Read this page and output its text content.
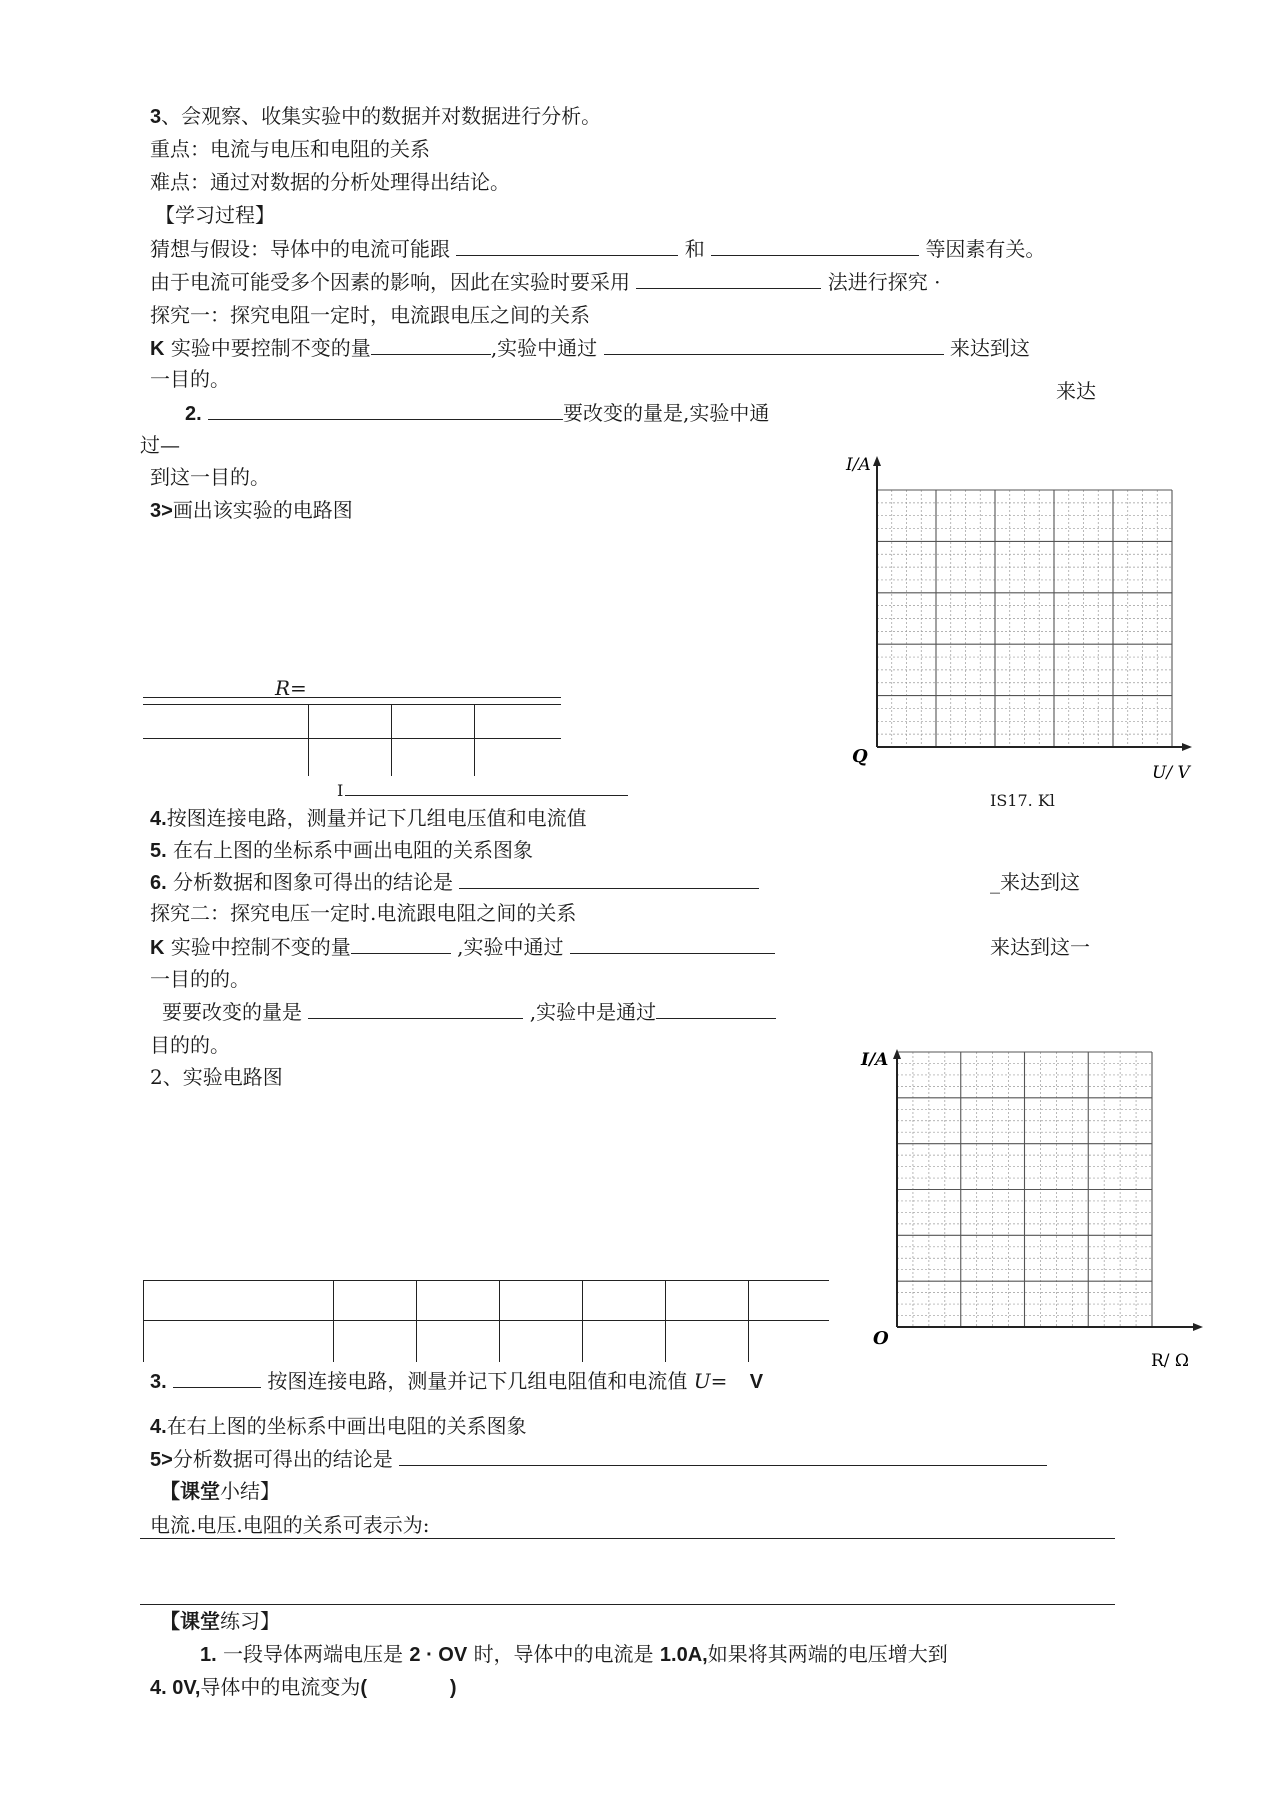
3、会观察、收集实验中的数据并对数据进行分析。
重点：电流与电压和电阻的关系
难点：通过对数据的分析处理得出结论。
【学习过程】
猜想与假设：导体中的电流可能跟	和	等因素有关。
由于电流可能受多个因素的影响，因此在实验时要采用	法进行探究 ·
探究一：探究电阻一定时，电流跟电压之间的关系
K 实验中要控制不变的量	,实验中通过	来达到这
一目的。	来达
2.	要改变的量是,实验中通
过—
到这一目的。
3>画出该实验的电路图
R=
I
I/A
Q
U/ V
IS17. Kl
4.按图连接电路，测量并记下几组电压值和电流值
5. 在右上图的坐标系中画出电阻的关系图象
6. 分析数据和图象可得出的结论是	_来达到这
探究二：探究电压一定时.电流跟电阻之间的关系
K 实验中控制不变的量	,实验中通过	来达到这一
一目的的。
要要改变的量是	,实验中是通过
目的的。
2、实验电路图
I/A
O
R/ Ω
3.	按图连接电路，测量并记下几组电阻值和电流值 U= V
4.在右上图的坐标系中画出电阻的关系图象
5>分析数据可得出的结论是
【课堂小结】
电流.电压.电阻的关系可表示为:
【课堂练习】
1. 一段导体两端电压是 2 · OV 时，导体中的电流是 1.0A,如果将其两端的电压增大到
4. 0V,导体中的电流变为(	)
